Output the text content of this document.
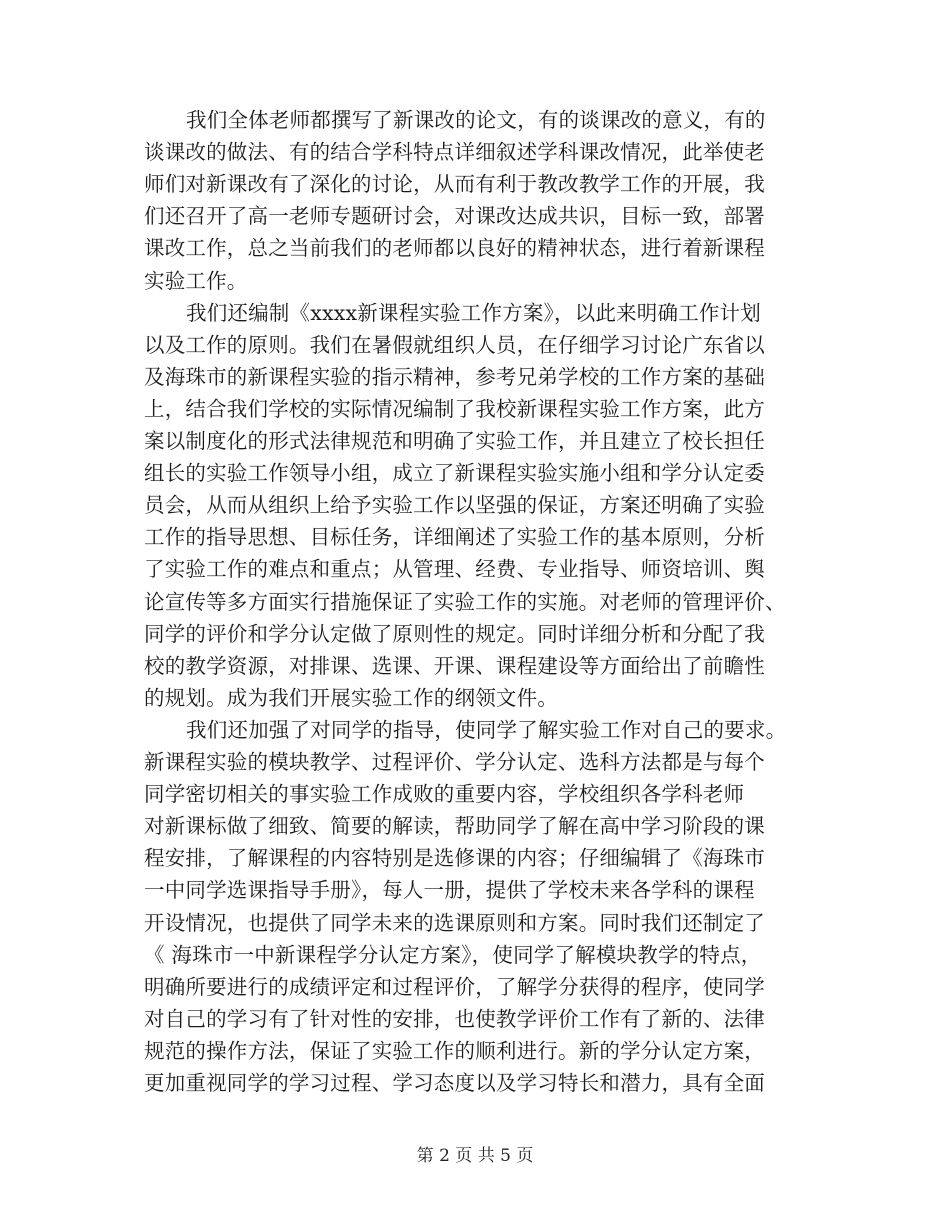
我们全体老师都撰写了新课改的论文，有的谈课改的意义，有的
谈课改的做法、有的结合学科特点详细叙述学科课改情况，此举使老
师们对新课改有了深化的讨论，从而有利于教改教学工作的开展，我
们还召开了高一老师专题研讨会，对课改达成共识，目标一致，部署
课改工作，总之当前我们的老师都以良好的精神状态，进行着新课程
实验工作。
我们还编制《xxxx新课程实验工作方案》，以此来明确工作计划
以及工作的原则。我们在暑假就组织人员，在仔细学习讨论广东省以
及海珠市的新课程实验的指示精神，参考兄弟学校的工作方案的基础
上，结合我们学校的实际情况编制了我校新课程实验工作方案，此方
案以制度化的形式法律规范和明确了实验工作，并且建立了校长担任
组长的实验工作领导小组，成立了新课程实验实施小组和学分认定委
员会，从而从组织上给予实验工作以坚强的保证，方案还明确了实验
工作的指导思想、目标任务，详细阐述了实验工作的基本原则，分析
了实验工作的难点和重点；从管理、经费、专业指导、师资培训、舆
论宣传等多方面实行措施保证了实验工作的实施。对老师的管理评价、
同学的评价和学分认定做了原则性的规定。同时详细分析和分配了我
校的教学资源，对排课、选课、开课、课程建设等方面给出了前瞻性
的规划。成为我们开展实验工作的纲领文件。
我们还加强了对同学的指导，使同学了解实验工作对自己的要求。
新课程实验的模块教学、过程评价、学分认定、选科方法都是与每个
同学密切相关的事实验工作成败的重要内容，学校组织各学科老师
对新课标做了细致、简要的解读，帮助同学了解在高中学习阶段的课
程安排，了解课程的内容特别是选修课的内容；仔细编辑了《海珠市
一中同学选课指导手册》，每人一册，提供了学校未来各学科的课程
开设情况，也提供了同学未来的选课原则和方案。同时我们还制定了
《 海珠市一中新课程学分认定方案》，使同学了解模块教学的特点，
明确所要进行的成绩评定和过程评价，了解学分获得的程序，使同学
对自己的学习有了针对性的安排，也使教学评价工作有了新的、法律
规范的操作方法，保证了实验工作的顺利进行。新的学分认定方案，
更加重视同学的学习过程、学习态度以及学习特长和潜力，具有全面
第 2 页 共 5 页
